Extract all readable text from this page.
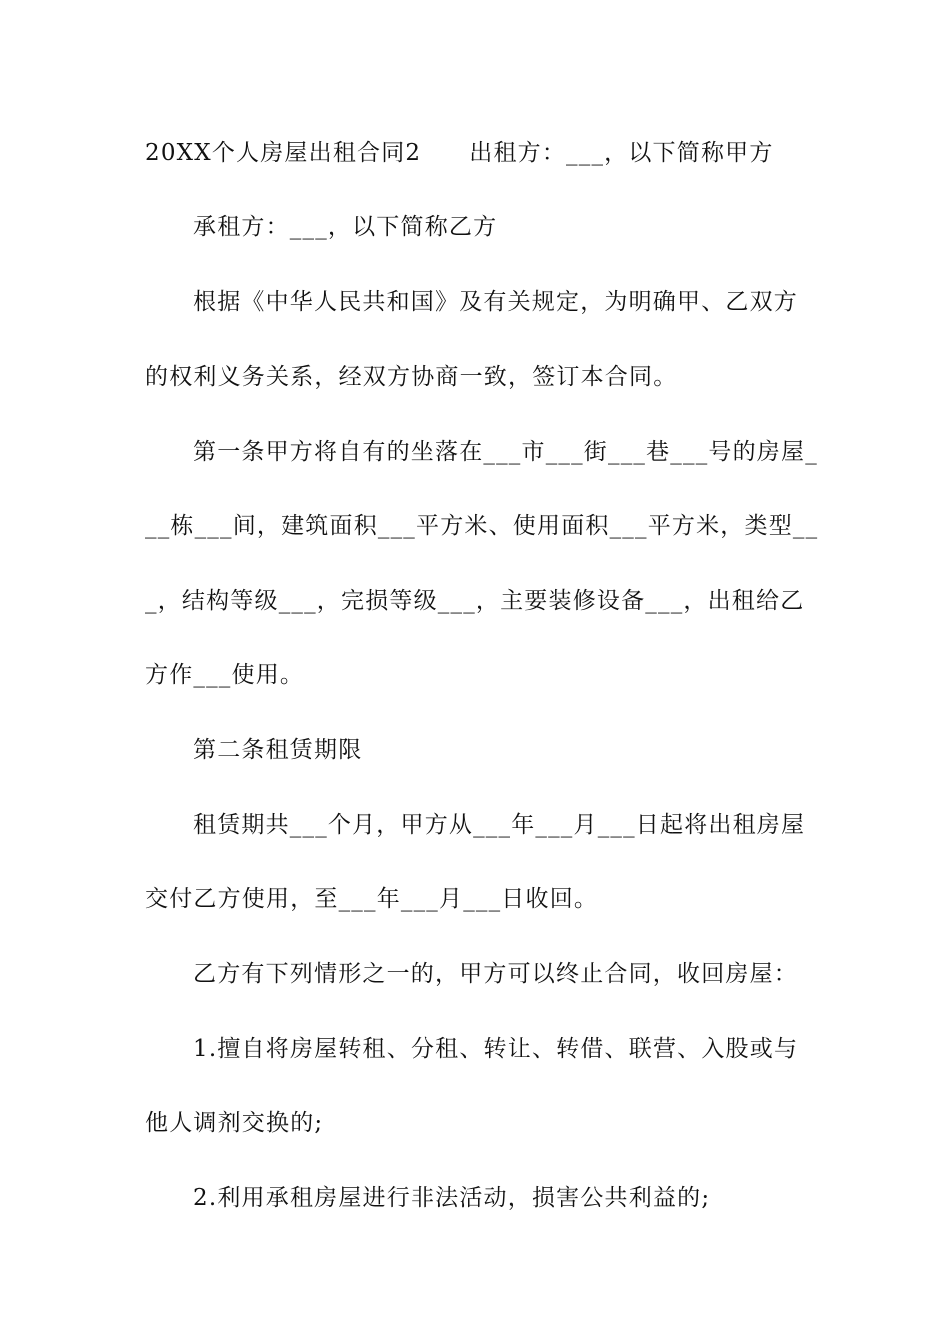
20XX个人房屋出租合同2 出租方：___，以下简称甲方
承租方：___，以下简称乙方
根据《中华人民共和国》及有关规定，为明确甲、乙双方
的权利义务关系，经双方协商一致，签订本合同。
第一条甲方将自有的坐落在___市___街___巷___号的房屋_
__栋___间，建筑面积___平方米、使用面积___平方米，类型__
_，结构等级___，完损等级___，主要装修设备___，出租给乙
方作___使用。
第二条租赁期限
租赁期共___个月，甲方从___年___月___日起将出租房屋
交付乙方使用，至___年___月___日收回。
乙方有下列情形之一的，甲方可以终止合同，收回房屋：
1.擅自将房屋转租、分租、转让、转借、联营、入股或与
他人调剂交换的;
2.利用承租房屋进行非法活动，损害公共利益的;
